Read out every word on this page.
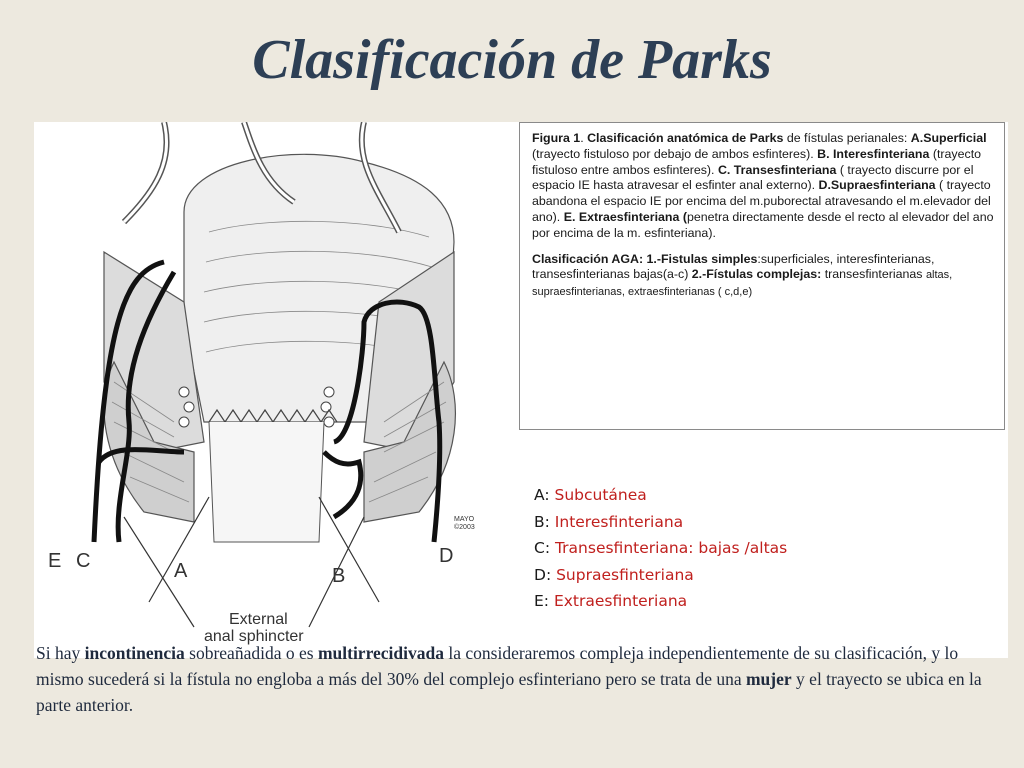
Clasificación de Parks
E C	A	B
D
MAYO
©2003
External
anal sphincter

Figura 1. Clasificación anatómica de Parks de fístulas perianales: A.Superficial (trayecto fistuloso por debajo de ambos esfinteres). B. Interesfinteriana (trayecto fistuloso entre ambos esfinteres). C. Transesfinteriana ( trayecto discurre por el espacio IE hasta atravesar el esfinter anal externo). D.Supraesfinteriana ( trayecto abandona el espacio IE por encima del m.puborectal atravesando el m.elevador del ano). E. Extraesfinteriana (penetra directamente desde el recto al elevador del ano por encima de la m. esfinteriana).

Clasificación AGA: 1.-Fistulas simples:superficiales, interesfinterianas, transesfinterianas bajas(a-c) 2.-Fístulas complejas: transesfinterianas altas, supraesfinterianas, extraesfinterianas ( c,d,e)

A: Subcutánea
B: Interesfinteriana
C: Transesfinteriana: bajas /altas
D: Supraesfinteriana
E: Extraesfinteriana
Si hay incontinencia sobreañadida o es multirrecidivada la consideraremos compleja independientemente de su clasificación, y lo mismo sucederá si la fístula no engloba a más del 30% del complejo esfinteriano pero se trata de una mujer y el trayecto se ubica en la parte anterior.
